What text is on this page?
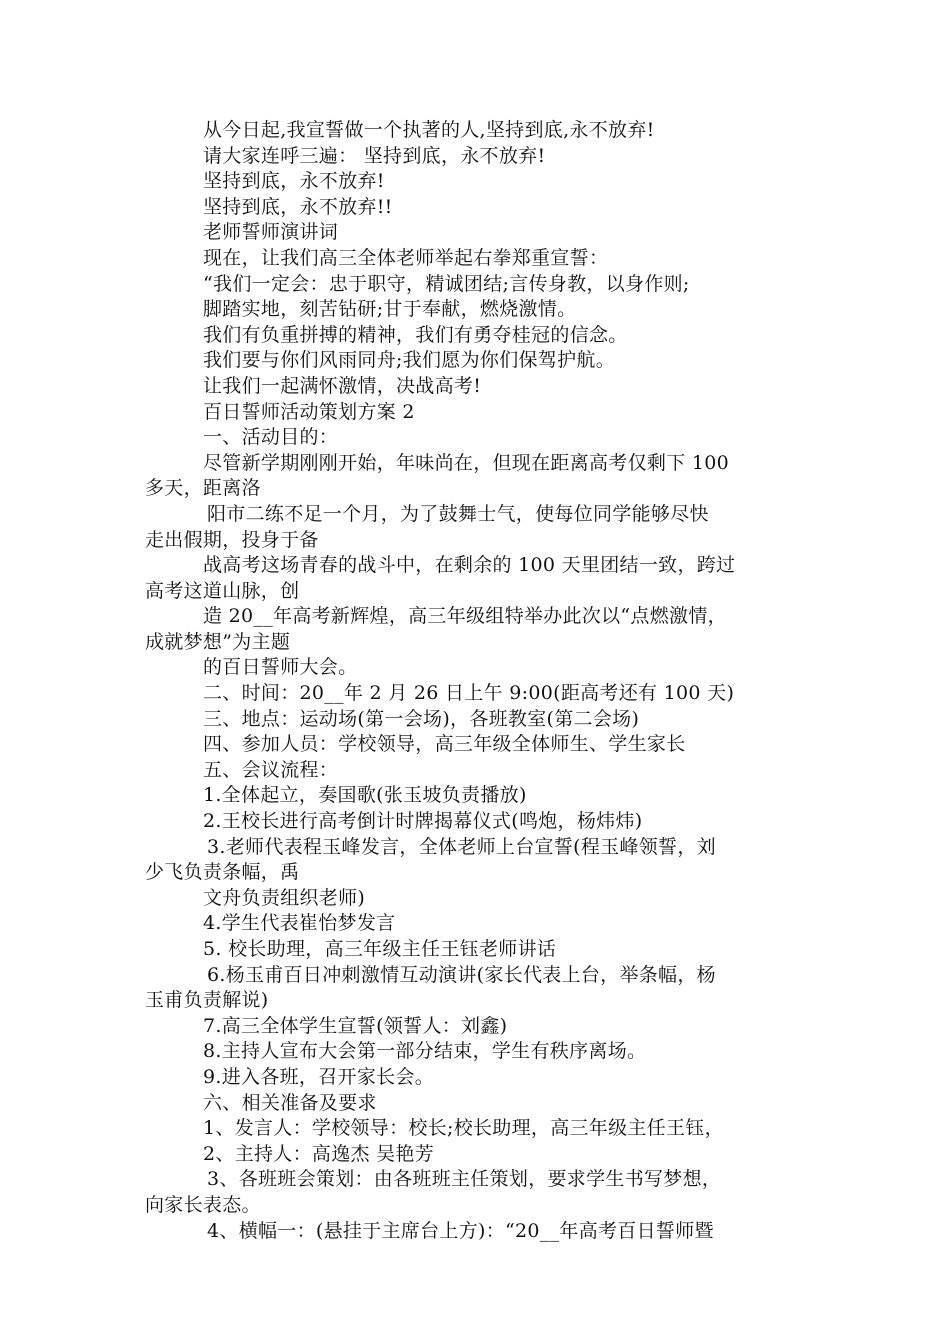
从今日起,我宣誓做一个执著的人,坚持到底,永不放弃!

请大家连呼三遍： 坚持到底，永不放弃!

坚持到底，永不放弃!

坚持到底，永不放弃!!

老师誓师演讲词

现在，让我们高三全体老师举起右拳郑重宣誓：

“我们一定会：忠于职守，精诚团结;言传身教，以身作则;

脚踏实地，刻苦钻研;甘于奉献，燃烧激情。

我们有负重拼搏的精神，我们有勇夺桂冠的信念。

我们要与你们风雨同舟;我们愿为你们保驾护航。

让我们一起满怀激情，决战高考!

百日誓师活动策划方案 2

一、活动目的：

尽管新学期刚刚开始，年味尚在，但现在距离高考仅剩下 100

多天，距离洛

阳市二练不足一个月，为了鼓舞士气，使每位同学能够尽快

走出假期，投身于备

战高考这场青春的战斗中，在剩余的 100 天里团结一致，跨过

高考这道山脉，创

造 20__年高考新辉煌，高三年级组特举办此次以“点燃激情，

成就梦想”为主题

的百日誓师大会。

二、时间：20__年 2 月 26 日上午 9:00(距高考还有 100 天)

三、地点：运动场(第一会场)，各班教室(第二会场)

四、参加人员：学校领导，高三年级全体师生、学生家长

五、会议流程：

1.全体起立，奏国歌(张玉坡负责播放)

2.王校长进行高考倒计时牌揭幕仪式(鸣炮，杨炜炜)

3.老师代表程玉峰发言，全体老师上台宣誓(程玉峰领誓，刘

少飞负责条幅，禹

文舟负责组织老师)

4.学生代表崔怡梦发言

5. 校长助理，高三年级主任王钰老师讲话

6.杨玉甫百日冲刺激情互动演讲(家长代表上台，举条幅，杨

玉甫负责解说)

7.高三全体学生宣誓(领誓人：刘鑫)

8.主持人宣布大会第一部分结束，学生有秩序离场。

9.进入各班，召开家长会。

六、相关准备及要求

1、发言人：学校领导：校长;校长助理，高三年级主任王钰，

2、主持人：高逸杰 吴艳芳

3、各班班会策划：由各班班主任策划，要求学生书写梦想，

向家长表态。

4、横幅一：(悬挂于主席台上方)：“20__年高考百日誓师暨
